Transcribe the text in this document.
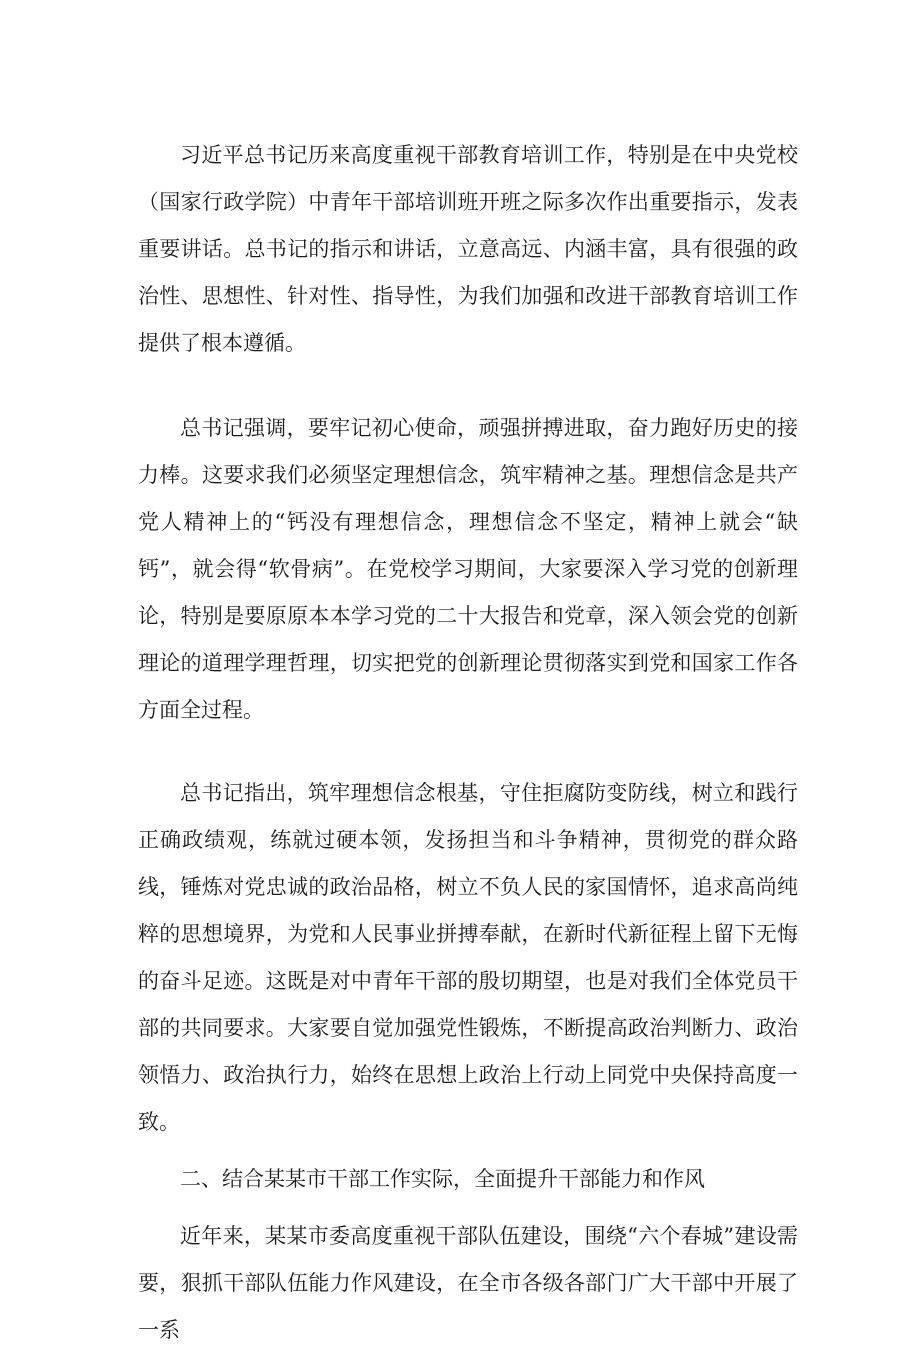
习近平总书记历来高度重视干部教育培训工作，特别是在中央党校（国家行政学院）中青年干部培训班开班之际多次作出重要指示，发表重要讲话。总书记的指示和讲话，立意高远、内涵丰富，具有很强的政治性、思想性、针对性、指导性，为我们加强和改进干部教育培训工作提供了根本遵循。

总书记强调，要牢记初心使命，顽强拼搏进取，奋力跑好历史的接力棒。这要求我们必须坚定理想信念，筑牢精神之基。理想信念是共产党人精神上的“钙没有理想信念，理想信念不坚定，精神上就会“缺钙”，就会得“软骨病”。在党校学习期间，大家要深入学习党的创新理论，特别是要原原本本学习党的二十大报告和党章，深入领会党的创新理论的道理学理哲理，切实把党的创新理论贯彻落实到党和国家工作各方面全过程。

总书记指出，筑牢理想信念根基，守住拒腐防变防线，树立和践行正确政绩观，练就过硬本领，发扬担当和斗争精神，贯彻党的群众路线，锤炼对党忠诚的政治品格，树立不负人民的家国情怀，追求高尚纯粹的思想境界，为党和人民事业拼搏奉献，在新时代新征程上留下无悔的奋斗足迹。这既是对中青年干部的殷切期望，也是对我们全体党员干部的共同要求。大家要自觉加强党性锻炼，不断提高政治判断力、政治领悟力、政治执行力，始终在思想上政治上行动上同党中央保持高度一致。

二、结合某某市干部工作实际，全面提升干部能力和作风

近年来，某某市委高度重视干部队伍建设，围绕“六个春城”建设需要，狠抓干部队伍能力作风建设，在全市各级各部门广大干部中开展了一系
